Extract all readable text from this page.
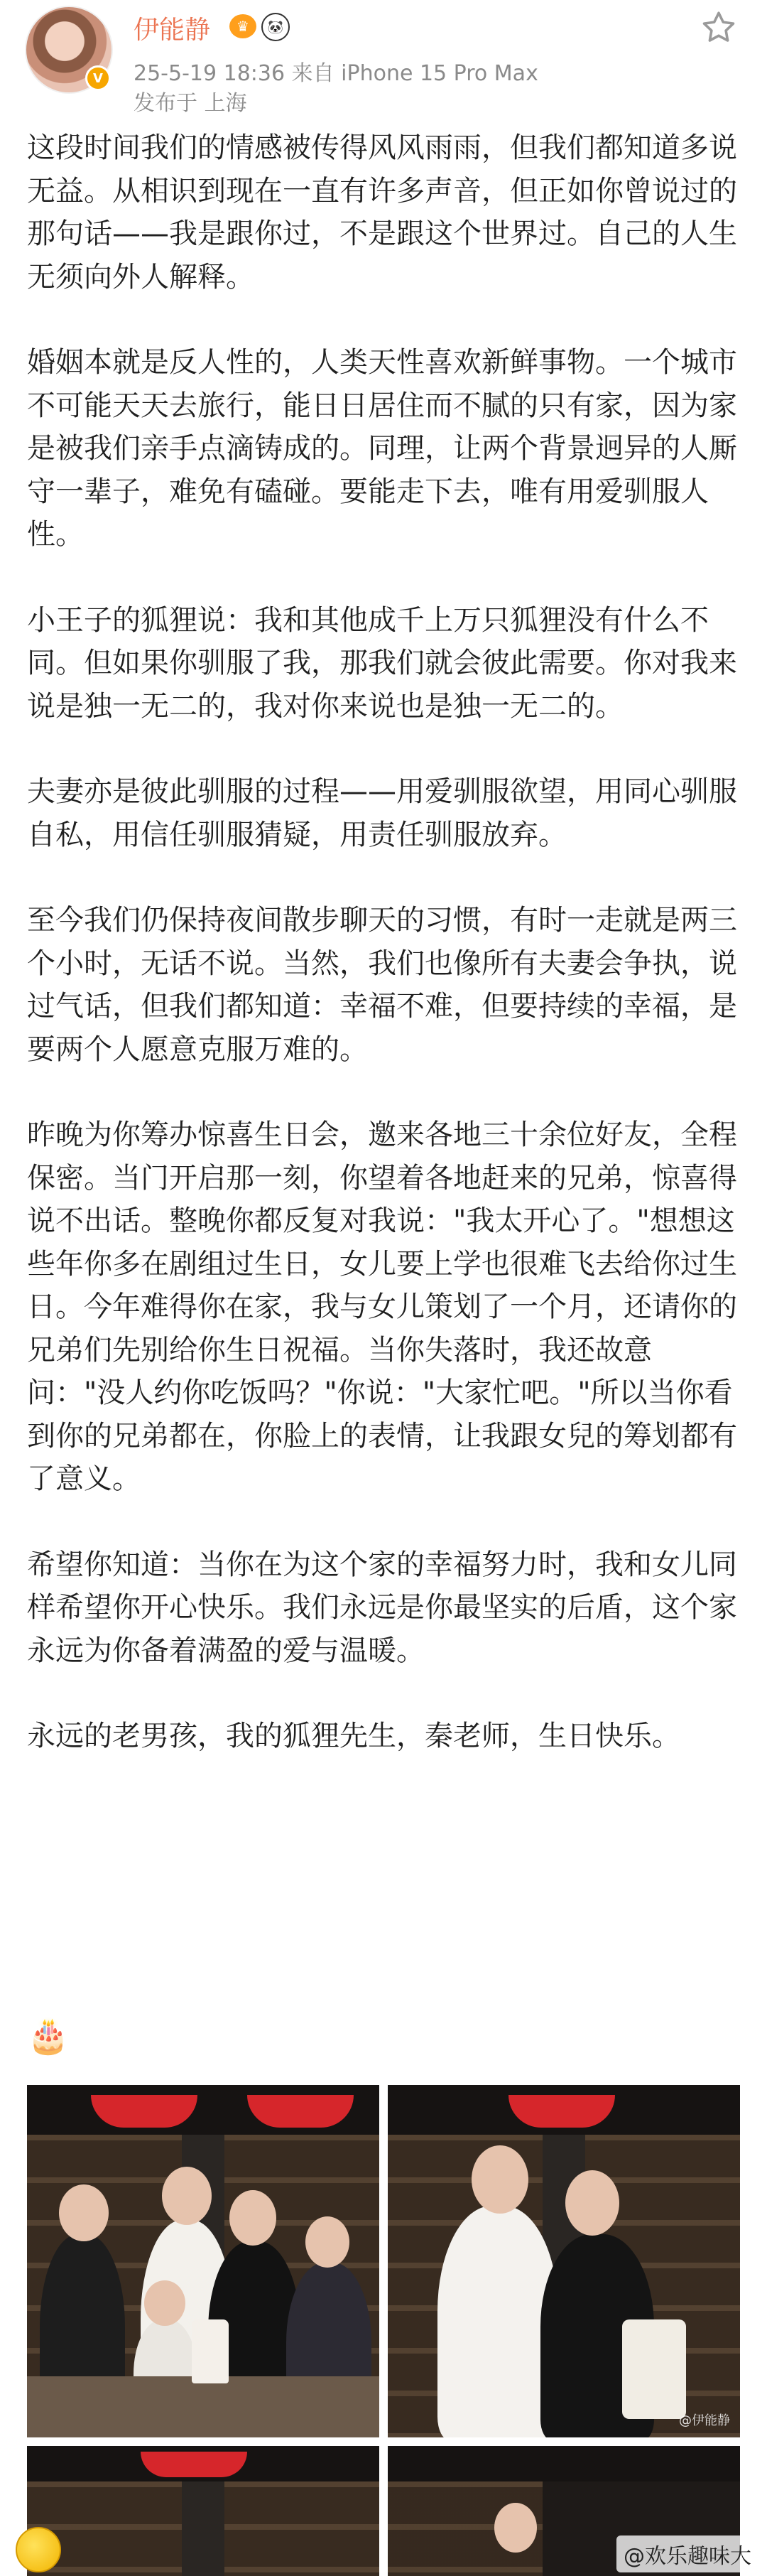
V
伊能静	♛	🐼
25-5-19 18:36 来自 iPhone 15 Pro Max
发布于 上海

这段时间我们的情感被传得风风雨雨，但我们都知道多说无益。从相识到现在一直有许多声音，但正如你曾说过的那句话——我是跟你过，不是跟这个世界过。自己的人生无须向外人解释。

婚姻本就是反人性的，人类天性喜欢新鲜事物。一个城市不可能天天去旅行，能日日居住而不腻的只有家，因为家是被我们亲手点滴铸成的。同理，让两个背景迥异的人厮守一辈子，难免有磕碰。要能走下去，唯有用爱驯服人性。

小王子的狐狸说：我和其他成千上万只狐狸没有什么不同。但如果你驯服了我，那我们就会彼此需要。你对我来说是独一无二的，我对你来说也是独一无二的。

夫妻亦是彼此驯服的过程——用爱驯服欲望，用同心驯服自私，用信任驯服猜疑，用责任驯服放弃。

至今我们仍保持夜间散步聊天的习惯，有时一走就是两三个小时，无话不说。当然，我们也像所有夫妻会争执，说过气话，但我们都知道：幸福不难，但要持续的幸福，是要两个人愿意克服万难的。

昨晚为你筹办惊喜生日会，邀来各地三十余位好友，全程保密。当门开启那一刻，你望着各地赶来的兄弟，惊喜得说不出话。整晚你都反复对我说："我太开心了。"想想这些年你多在剧组过生日，女儿要上学也很难飞去给你过生日。今年难得你在家，我与女儿策划了一个月，还请你的兄弟们先别给你生日祝福。当你失落时，我还故意问："没人约你吃饭吗？"你说："大家忙吧。"所以当你看到你的兄弟都在，你脸上的表情，让我跟女兒的筹划都有了意义。

希望你知道：当你在为这个家的幸福努力时，我和女儿同样希望你开心快乐。我们永远是你最坚实的后盾，这个家永远为你备着满盈的爱与温暖。

永远的老男孩，我的狐狸先生，秦老师，生日快乐。

🎂
@伊能静
@欢乐趣味大
